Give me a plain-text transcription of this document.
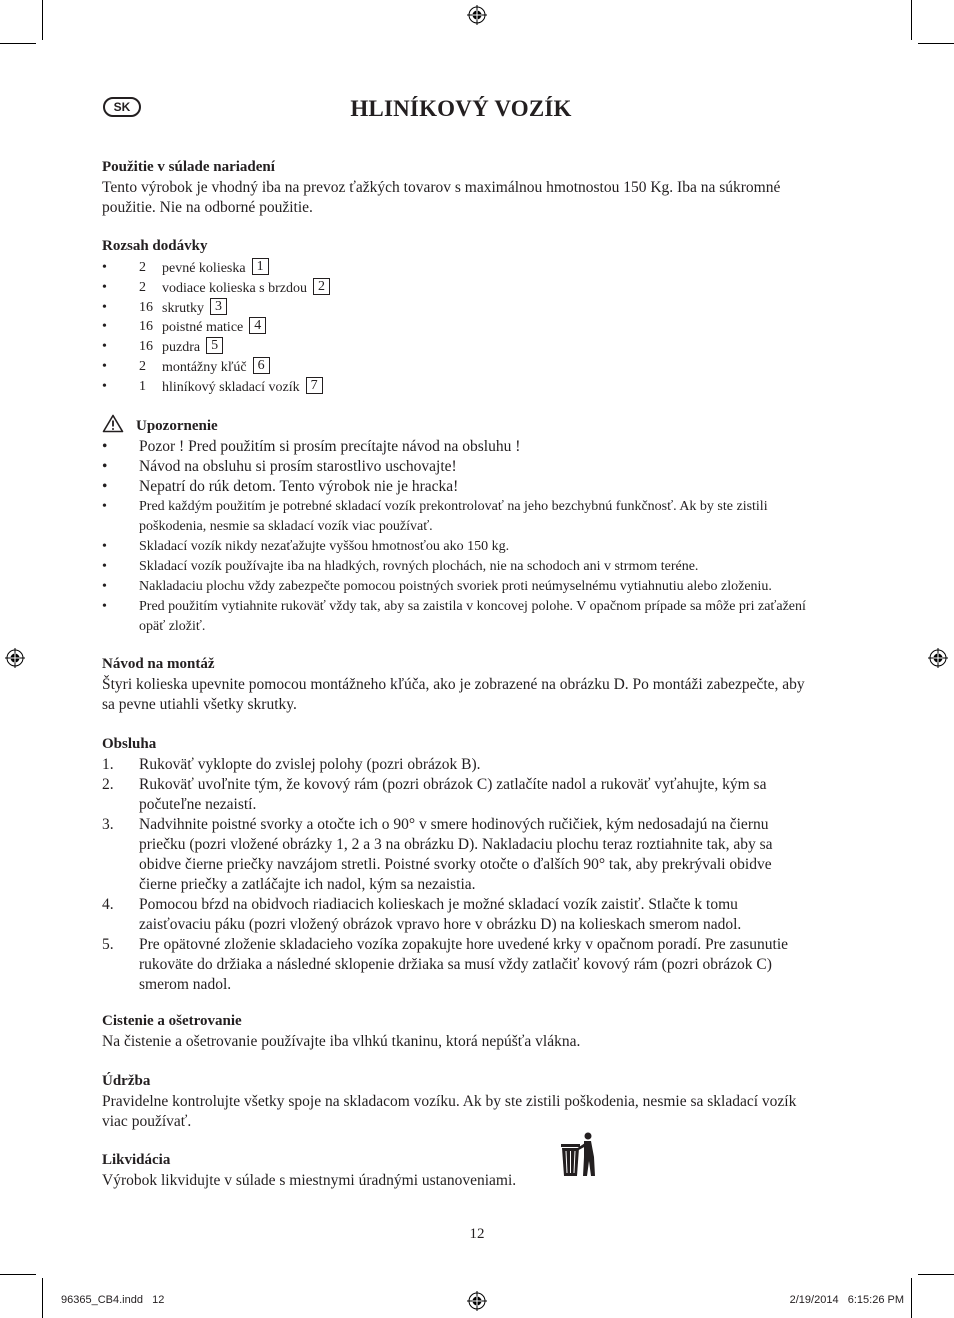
SK	HLINÍKOVÝ VOZÍK
Použitie v súlade nariadení
Tento výrobok je vhodný iba na prevoz ťažkých tovarov s maximálnou hmotnostou 150 Kg. Iba na súkromné
použitie. Nie na odborné použitie.
Rozsah dodávky
•	2 pevné kolieska 1
•	2 vodiace kolieska s brzdou 2
•	16 skrutky 3
•	16 poistné matice 4
•	16 puzdra 5
•	2 montážny kľúč 6
•	1 hliníkový skladací vozík 7
Upozornenie
•	Pozor ! Pred použitím si prosím precítajte návod na obsluhu !
•	Návod na obsluhu si prosím starostlivo uschovajte!
•	Nepatrí do rúk detom. Tento výrobok nie je hracka!
•	Pred každým použitím je potrebné skladací vozík prekontrolovať na jeho bezchybnú funkčnosť. Ak by ste zistili
poškodenia, nesmie sa skladací vozík viac používať.
•	Skladací vozík nikdy nezaťažujte vyššou hmotnosťou ako 150 kg.
•	Skladací vozík používajte iba na hladkých, rovných plochách, nie na schodoch ani v strmom teréne.
•	Nakladaciu plochu vždy zabezpečte pomocou poistných svoriek proti neúmyselnému vytiahnutiu alebo zloženiu.
•	Pred použitím vytiahnite rukoväť vždy tak, aby sa zaistila v koncovej polohe. V opačnom prípade sa môže pri zaťažení
opäť zložiť.
Návod na montáž
Štyri kolieska upevnite pomocou montážneho kľúča, ako je zobrazené na obrázku D. Po montáži zabezpečte, aby
sa pevne utiahli všetky skrutky.
Obsluha
1.	Rukoväť vyklopte do zvislej polohy (pozri obrázok B).
2.	Rukoväť uvoľnite tým, že kovový rám (pozri obrázok C) zatlačíte nadol a rukoväť vyťahujte, kým sa
počuteľne nezaistí.
3.	Nadvihnite poistné svorky a otočte ich o 90° v smere hodinových ručičiek, kým nedosadajú na čiernu
priečku (pozri vložené obrázky 1, 2 a 3 na obrázku D). Nakladaciu plochu teraz roztiahnite tak, aby sa
obidve čierne priečky navzájom stretli. Poistné svorky otočte o ďalších 90° tak, aby prekrývali obidve
čierne priečky a zatláčajte ich nadol, kým sa nezaistia.
4.	Pomocou bŕzd na obidvoch riadiacich kolieskach je možné skladací vozík zaistiť. Stlačte k tomu
zaisťovaciu páku (pozri vložený obrázok vpravo hore v obrázku D) na kolieskach smerom nadol.
5.	Pre opätovné zloženie skladacieho vozíka zopakujte hore uvedené krky v opačnom poradí. Pre zasunutie
rukoväte do držiaka a následné sklopenie držiaka sa musí vždy zatlačiť kovový rám (pozri obrázok C)
smerom nadol.
Cistenie a ošetrovanie
Na čistenie a ošetrovanie používajte iba vlhkú tkaninu, ktorá nepúšťa vlákna.
Údržba
Pravidelne kontrolujte všetky spoje na skladacom vozíku. Ak by ste zistili poškodenia, nesmie sa skladací vozík
viac používať.
Likvidácia
Výrobok likvidujte v súlade s miestnymi úradnými ustanoveniami.
12
96365_CB4.indd   12	2/19/2014   6:15:26 PM
